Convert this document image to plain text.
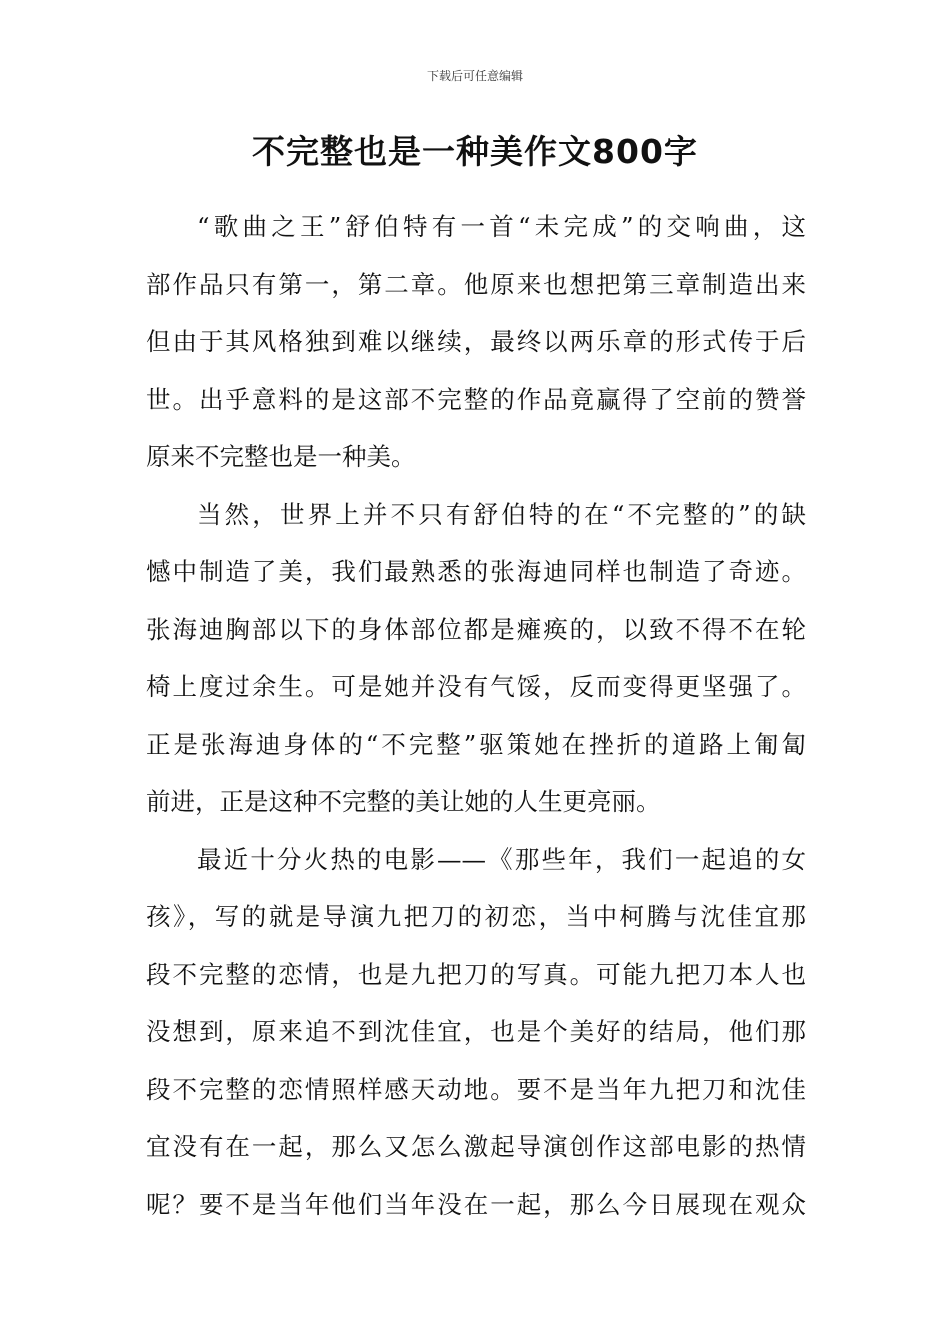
下载后可任意编辑
不完整也是一种美作文800字
“歌曲之王”舒伯特有一首“未完成”的交响曲，这
部作品只有第一，第二章。他原来也想把第三章制造出来
但由于其风格独到难以继续，最终以两乐章的形式传于后
世。出乎意料的是这部不完整的作品竟赢得了空前的赞誉
原来不完整也是一种美。
当然，世界上并不只有舒伯特的在“不完整的”的缺
憾中制造了美，我们最熟悉的张海迪同样也制造了奇迹。
张海迪胸部以下的身体部位都是瘫痪的，以致不得不在轮
椅上度过余生。可是她并没有气馁，反而变得更坚强了。
正是张海迪身体的“不完整”驱策她在挫折的道路上匍匐
前进，正是这种不完整的美让她的人生更亮丽。
最近十分火热的电影——《那些年，我们一起追的女
孩》，写的就是导演九把刀的初恋，当中柯腾与沈佳宜那
段不完整的恋情，也是九把刀的写真。可能九把刀本人也
没想到，原来追不到沈佳宜，也是个美好的结局，他们那
段不完整的恋情照样感天动地。要不是当年九把刀和沈佳
宜没有在一起，那么又怎么激起导演创作这部电影的热情
呢？要不是当年他们当年没在一起，那么今日展现在观众
